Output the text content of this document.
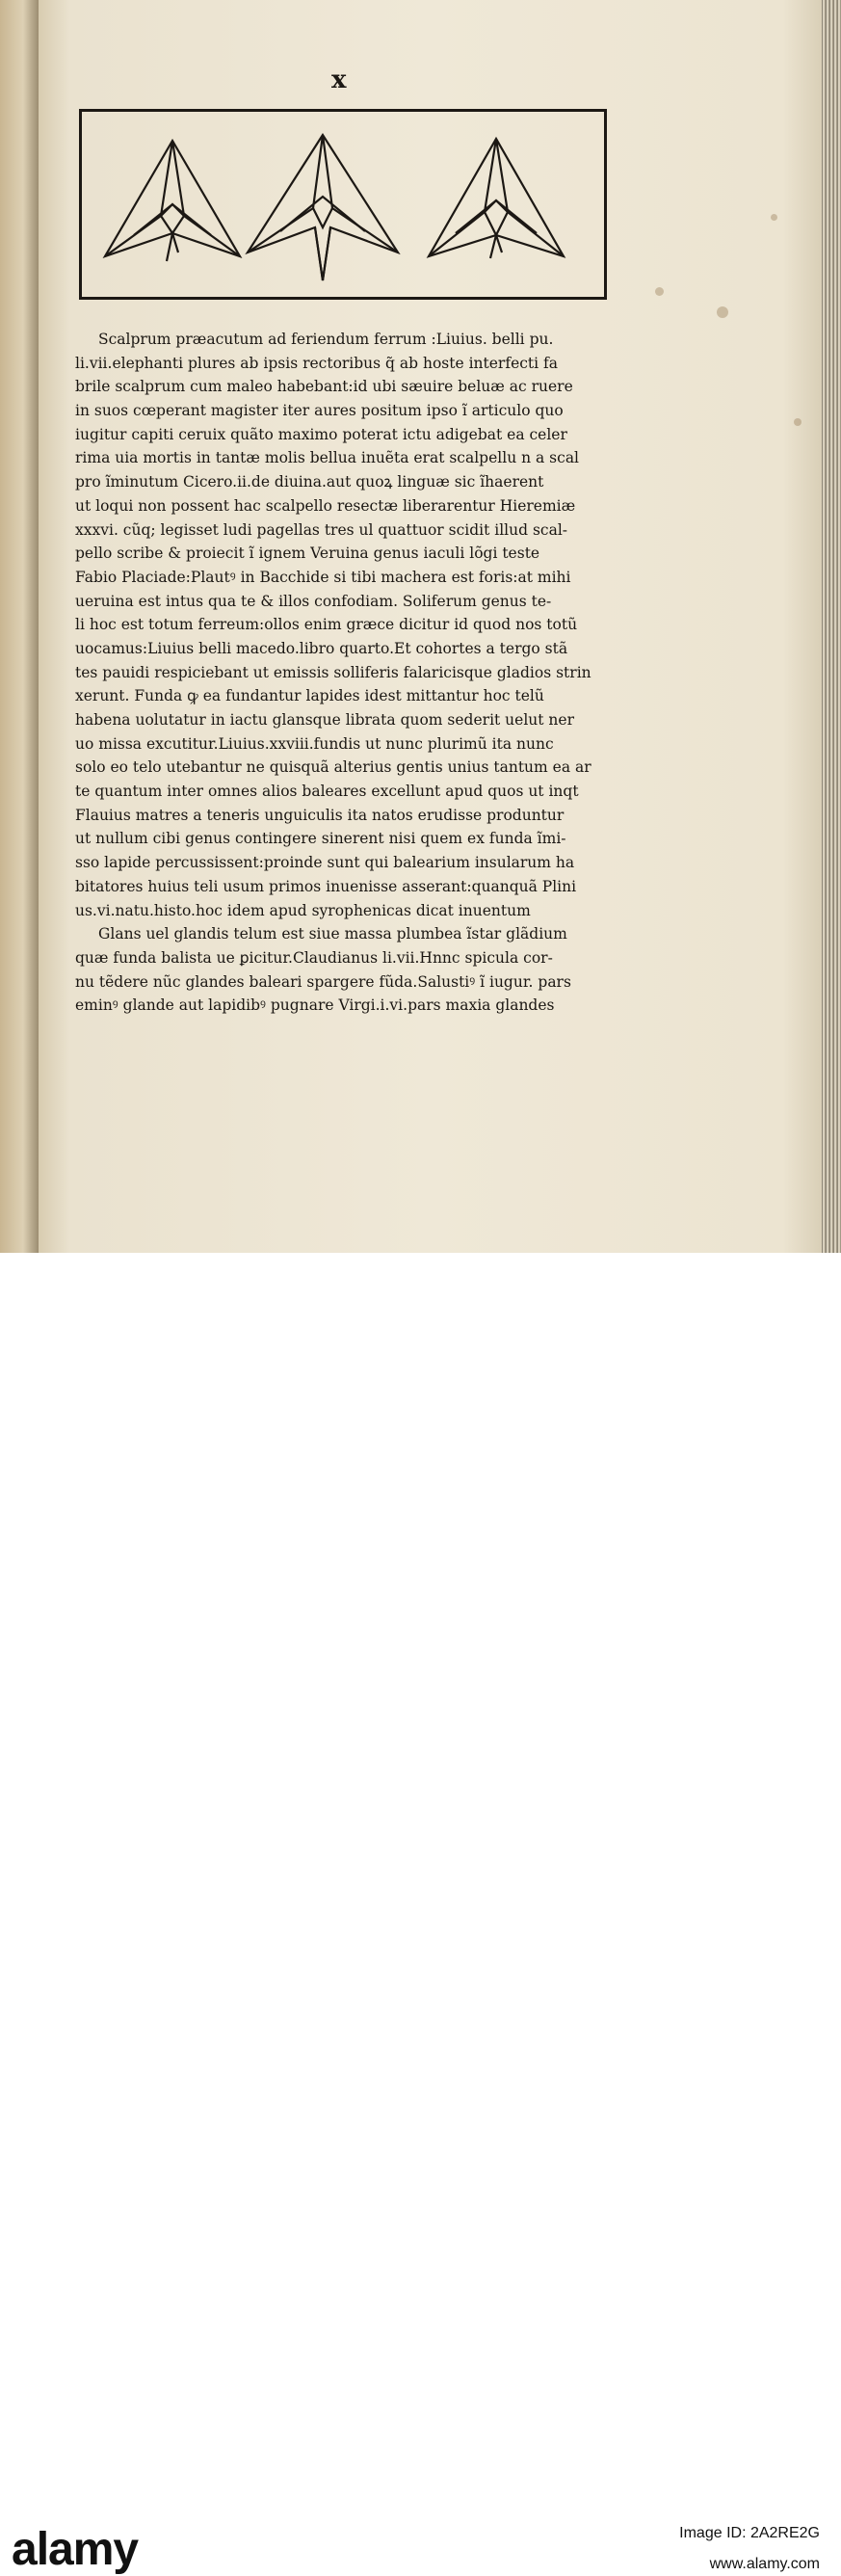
x
Scalprum præacutum ad feriendum ferrum :Liuius. belli pu.
li.vii.elephanti plures ab ipsis rectoribus q̃ ab hoste interfecti fa
brile scalprum cum maleo habebant:id ubi sæuire beluæ ac ruere
in suos cœperant magister iter aures positum ipso ĩ articulo quo
iugitur capiti ceruix quãto maximo poterat ictu adigebat ea celer
rima uia mortis in tantæ molis bellua inuẽta erat scalpellu n a scal
pro ĩminutum Cicero.ii.de diuina.aut quoꝝ linguæ sic ĩhaerent
ut loqui non possent hac scalpello resectæ liberarentur Hieremiæ
xxxvi. cũq; legisset ludi pagellas tres ul quattuor scidit illud scal-
pello scribe & proiecit ĩ ignem Veruina genus iaculi lõgi teste
Fabio Placiade:Plautꝰ in Bacchide si tibi machera est foris:at mihi
ueruina est intus qua te & illos confodiam. Soliferum genus te-
li hoc est totum ferreum:ollos enim græce dicitur id quod nos totũ
uocamus:Liuius belli macedo.libro quarto.Et cohortes a tergo stã
tes pauidi respiciebant ut emissis solliferis falaricisque gladios strin
xerunt. Funda ꝙ ea fundantur lapides idest mittantur hoc telũ
habena uolutatur in iactu glansque librata quom sederit uelut ner
uo missa excutitur.Liuius.xxviii.fundis ut nunc plurimũ ita nunc
solo eo telo utebantur ne quisquã alterius gentis unius tantum ea ar
te quantum inter omnes alios baleares excellunt apud quos ut inqt
Flauius matres a teneris unguiculis ita natos erudisse produntur
ut nullum cibi genus contingere sinerent nisi quem ex funda ĩmi-
sso lapide percussissent:proinde sunt qui balearium insularum ha
bitatores huius teli usum primos inuenisse asserant:quanquã Plini
us.vi.natu.histo.hoc idem apud syrophenicas dicat inuentum
Glans uel glandis telum est siue massa plumbea ĩstar glãdium
quæ funda balista ue ꝑicitur.Claudianus li.vii.Hnnc spicula cor-
nu tẽdere nũc glandes baleari spargere fũda.Salustiꝰ ĩ iugur. pars
eminꝰ glande aut lapidibꝰ pugnare Virgi.i.vi.pars maxia glandes
alamy	Image ID: 2A2RE2G
www.alamy.com
